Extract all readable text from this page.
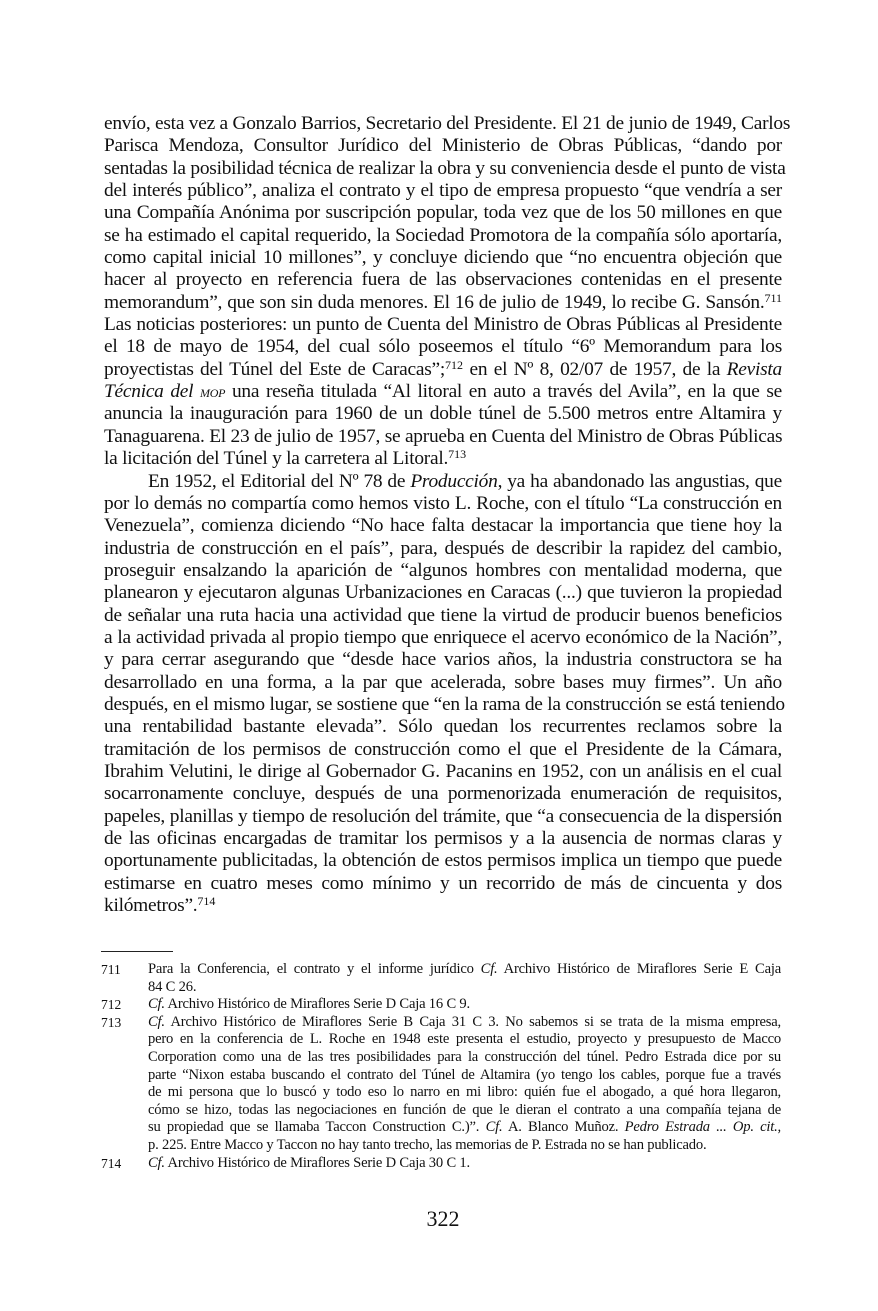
envío, esta vez a Gonzalo Barrios, Secretario del Presidente. El 21 de junio de 1949, Carlos
Parisca Mendoza, Consultor Jurídico del Ministerio de Obras Públicas, “dando por
sentadas la posibilidad técnica de realizar la obra y su conveniencia desde el punto de vista
del interés público”, analiza el contrato y el tipo de empresa propuesto “que vendría a ser
una Compañía Anónima por suscripción popular, toda vez que de los 50 millones en que
se ha estimado el capital requerido, la Sociedad Promotora de la compañía sólo aportaría,
como capital inicial 10 millones”, y concluye diciendo que “no encuentra objeción que
hacer al proyecto en referencia fuera de las observaciones contenidas en el presente
memorandum”, que son sin duda menores. El 16 de julio de 1949, lo recibe G. Sansón.$^{711}$
Las noticias posteriores: un punto de Cuenta del Ministro de Obras Públicas al Presidente
el 18 de mayo de 1954, del cual sólo poseemos el título “6º Memorandum para los
proyectistas del Túnel del Este de Caracas”;$^{712}$ en el Nº 8, 02/07 de 1957, de la Revista
Técnica del mop una reseña titulada “Al litoral en auto a través del Avila”, en la que se
anuncia la inauguración para 1960 de un doble túnel de 5.500 metros entre Altamira y
Tanaguarena. El 23 de julio de 1957, se aprueba en Cuenta del Ministro de Obras Públicas
la licitación del Túnel y la carretera al Litoral.$^{713}$
En 1952, el Editorial del Nº 78 de Producción, ya ha abandonado las angustias, que
por lo demás no compartía como hemos visto L. Roche, con el título “La construcción en
Venezuela”, comienza diciendo “No hace falta destacar la importancia que tiene hoy la
industria de construcción en el país”, para, después de describir la rapidez del cambio,
proseguir ensalzando la aparición de “algunos hombres con mentalidad moderna, que
planearon y ejecutaron algunas Urbanizaciones en Caracas (...) que tuvieron la propiedad
de señalar una ruta hacia una actividad que tiene la virtud de producir buenos beneficios
a la actividad privada al propio tiempo que enriquece el acervo económico de la Nación”,
y para cerrar asegurando que “desde hace varios años, la industria constructora se ha
desarrollado en una forma, a la par que acelerada, sobre bases muy firmes”. Un año
después, en el mismo lugar, se sostiene que “en la rama de la construcción se está teniendo
una rentabilidad bastante elevada”. Sólo quedan los recurrentes reclamos sobre la
tramitación de los permisos de construcción como el que el Presidente de la Cámara,
Ibrahim Velutini, le dirige al Gobernador G. Pacanins en 1952, con un análisis en el cual
socarronamente concluye, después de una pormenorizada enumeración de requisitos,
papeles, planillas y tiempo de resolución del trámite, que “a consecuencia de la dispersión
de las oficinas encargadas de tramitar los permisos y a la ausencia de normas claras y
oportunamente publicitadas, la obtención de estos permisos implica un tiempo que puede
estimarse en cuatro meses como mínimo y un recorrido de más de cincuenta y dos
kilómetros”.$^{714}$
711 Para la Conferencia, el contrato y el informe jurídico Cf. Archivo Histórico de Miraflores Serie E Caja
84 C 26.
712 Cf. Archivo Histórico de Miraflores Serie D Caja 16 C 9.
713 Cf. Archivo Histórico de Miraflores Serie B Caja 31 C 3. No sabemos si se trata de la misma empresa,
pero en la conferencia de L. Roche en 1948 este presenta el estudio, proyecto y presupuesto de Macco
Corporation como una de las tres posibilidades para la construcción del túnel. Pedro Estrada dice por su
parte “Nixon estaba buscando el contrato del Túnel de Altamira (yo tengo los cables, porque fue a través
de mi persona que lo buscó y todo eso lo narro en mi libro: quién fue el abogado, a qué hora llegaron,
cómo se hizo, todas las negociaciones en función de que le dieran el contrato a una compañía tejana de
su propiedad que se llamaba Taccon Construction C.)”. Cf. A. Blanco Muñoz. Pedro Estrada ... Op. cit.,
p. 225. Entre Macco y Taccon no hay tanto trecho, las memorias de P. Estrada no se han publicado.
714 Cf. Archivo Histórico de Miraflores Serie D Caja 30 C 1.
322
